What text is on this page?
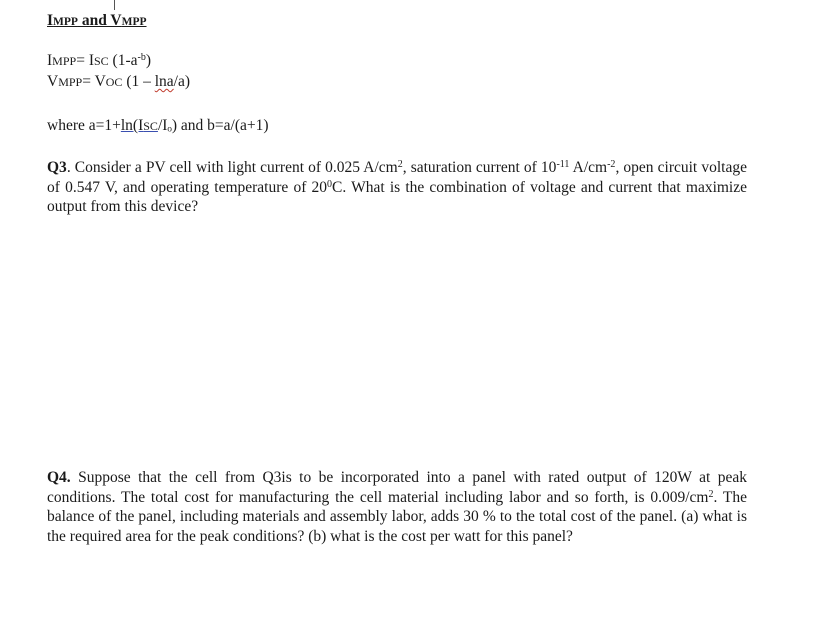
IMPP and VMPP
IMPP= ISC $(1-a^{-b})$
VMPP= VOC (1 – lna/a)
where a=1+ln(ISC/Iₒ) and b=a/(a+1)
Q3. Consider a PV cell with light current of 0.025 $A/cm^2$, saturation current of $10^{-11}$ $A/cm^{-2}$, open circuit voltage of 0.547 V, and operating temperature of $20^0C$. What is the combination of voltage and current that maximize output from this device?
Q4. Suppose that the cell from Q3is to be incorporated into a panel with rated output of 120W at peak conditions. The total cost for manufacturing the cell material including labor and so forth, is $0.009/cm^2$. The balance of the panel, including materials and assembly labor, adds 30 % to the total cost of the panel. (a) what is the required area for the peak conditions? (b) what is the cost per watt for this panel?
